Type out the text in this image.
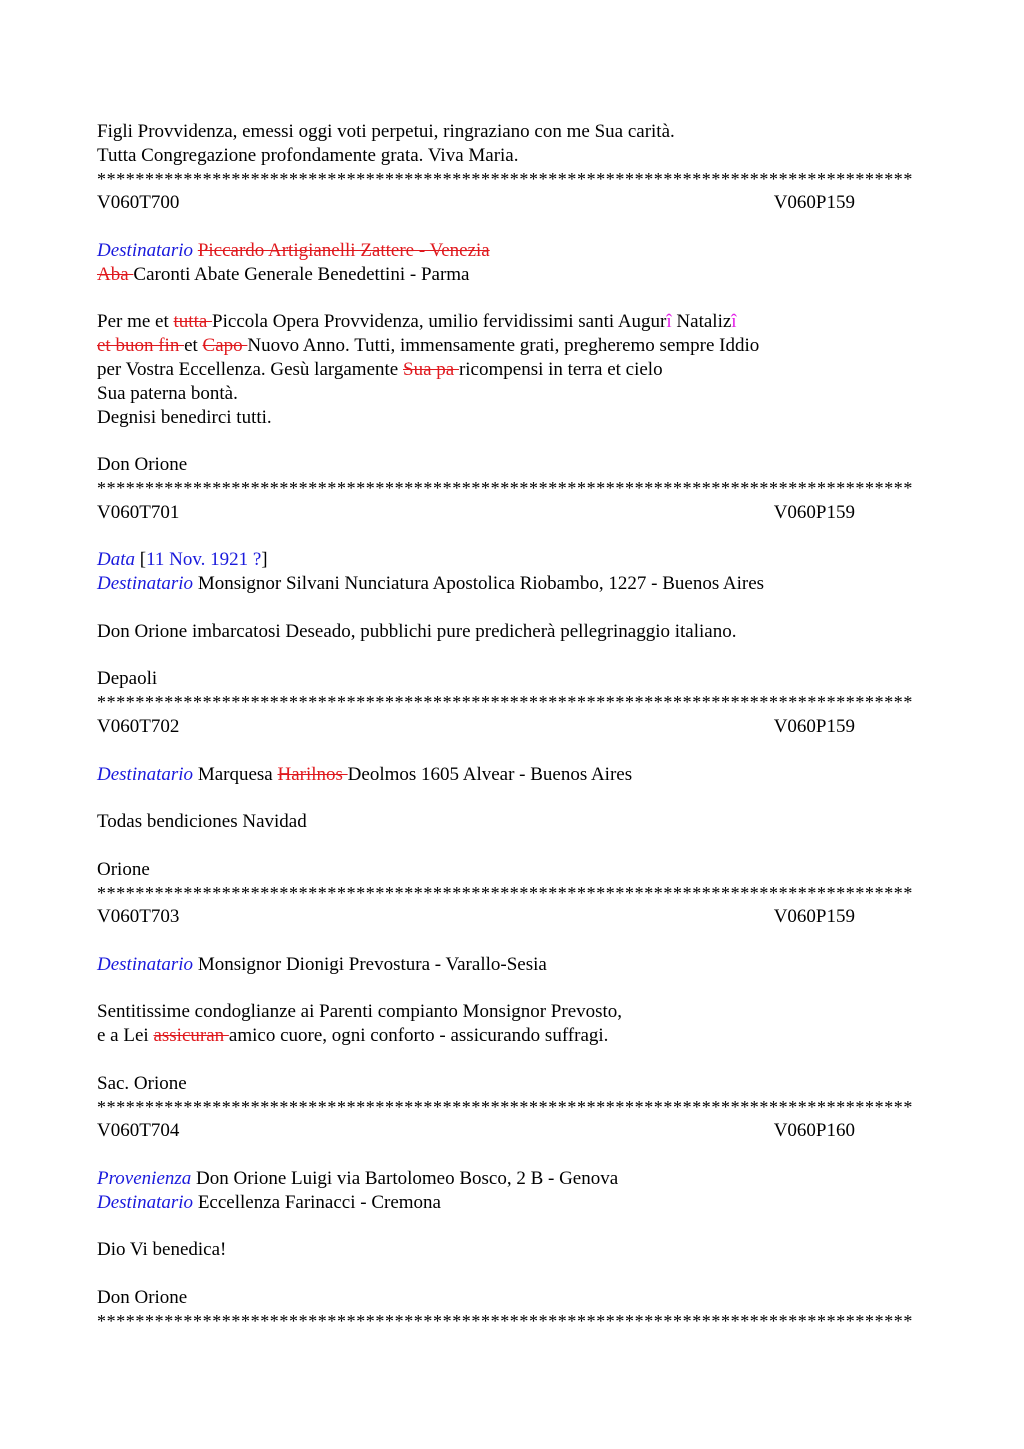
Figli Provvidenza, emessi oggi voti perpetui, ringraziano con me Sua carità.
Tutta Congregazione profondamente grata. Viva Maria.
*************************************************************************************
V060T700	V060P159
Destinatario Piccardo Artigianelli Zattere - Venezia
Aba Caronti Abate Generale Benedettini - Parma
Per me et tutta Piccola Opera Provvidenza, umilio fervidissimi santi Augurî Natalizî
et buon fin et Capo Nuovo Anno. Tutti, immensamente grati, pregheremo sempre Iddio
per Vostra Eccellenza. Gesù largamente Sua pa ricompensi in terra et cielo
Sua paterna bontà.
Degnisi benedirci tutti.
Don Orione
*************************************************************************************
V060T701	V060P159
Data [11 Nov. 1921 ?]
Destinatario Monsignor Silvani Nunciatura Apostolica Riobambo, 1227 - Buenos Aires
Don Orione imbarcatosi Deseado, pubblichi pure predicherà pellegrinaggio italiano.
Depaoli
*************************************************************************************
V060T702	V060P159
Destinatario Marquesa Harilnos Deolmos 1605 Alvear - Buenos Aires
Todas bendiciones Navidad
Orione
*************************************************************************************
V060T703	V060P159
Destinatario Monsignor Dionigi Prevostura - Varallo-Sesia
Sentitissime condoglianze ai Parenti compianto Monsignor Prevosto,
e a Lei assicuran amico cuore, ogni conforto - assicurando suffragi.
Sac. Orione
*************************************************************************************
V060T704	V060P160
Provenienza Don Orione Luigi via Bartolomeo Bosco, 2 B - Genova
Destinatario Eccellenza Farinacci - Cremona
Dio Vi benedica!
Don Orione
*************************************************************************************
